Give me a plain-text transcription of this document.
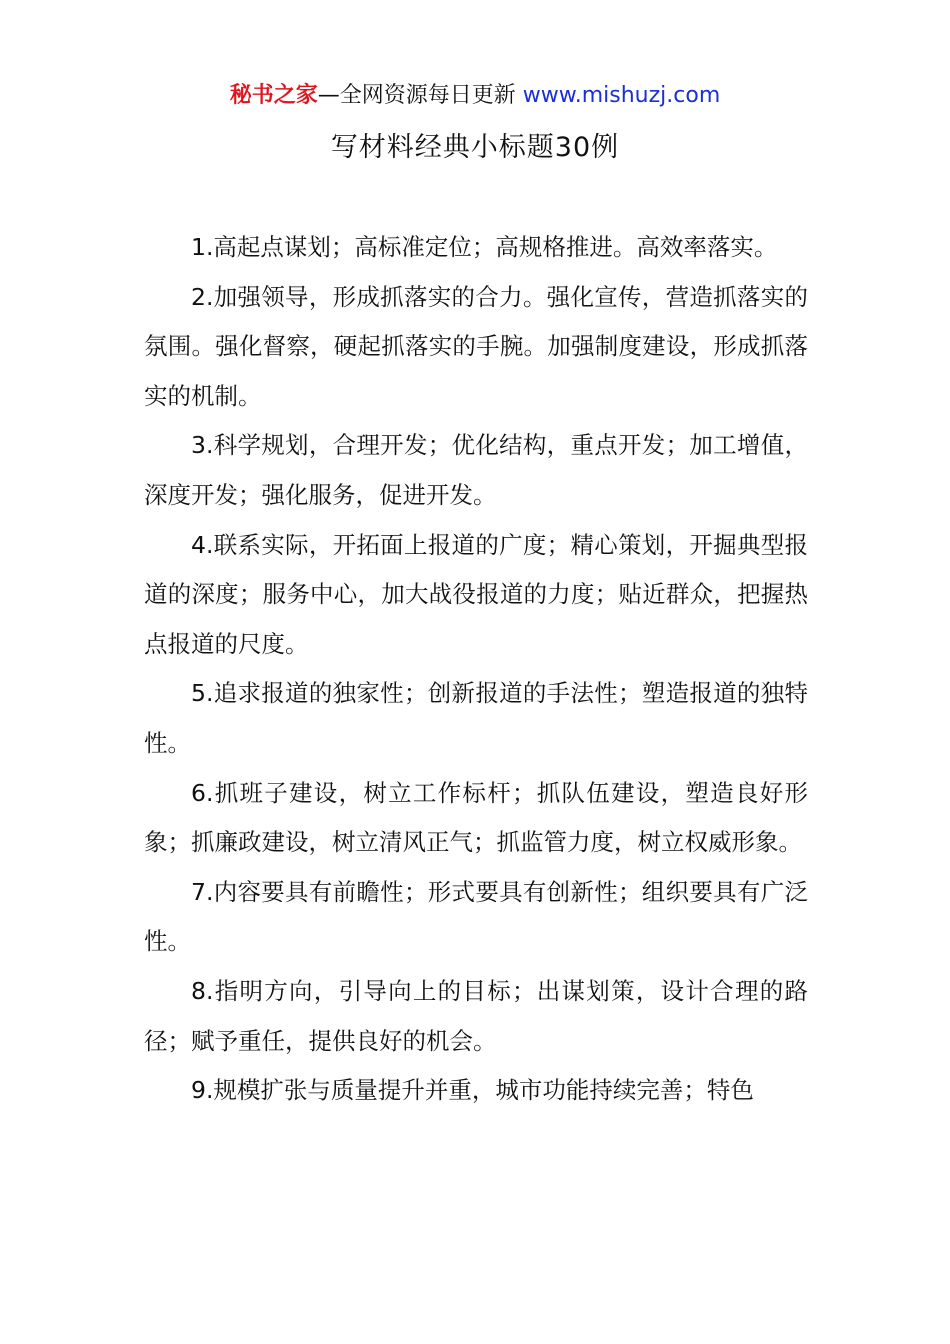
秘书之家—全网资源每日更新 www.mishuzj.com
写材料经典小标题30例

1.高起点谋划；高标准定位；高规格推进。高效率落实。

2.加强领导，形成抓落实的合力。强化宣传，营造抓落实的氛围。强化督察，硬起抓落实的手腕。加强制度建设，形成抓落实的机制。

3.科学规划，合理开发；优化结构，重点开发；加工增值，深度开发；强化服务，促进开发。

4.联系实际，开拓面上报道的广度；精心策划，开掘典型报道的深度；服务中心，加大战役报道的力度；贴近群众，把握热点报道的尺度。

5.追求报道的独家性；创新报道的手法性；塑造报道的独特性。

6.抓班子建设，树立工作标杆；抓队伍建设，塑造良好形象；抓廉政建设，树立清风正气；抓监管力度，树立权威形象。

7.内容要具有前瞻性；形式要具有创新性；组织要具有广泛性。

8.指明方向，引导向上的目标；出谋划策，设计合理的路径；赋予重任，提供良好的机会。

9.规模扩张与质量提升并重，城市功能持续完善；特色
